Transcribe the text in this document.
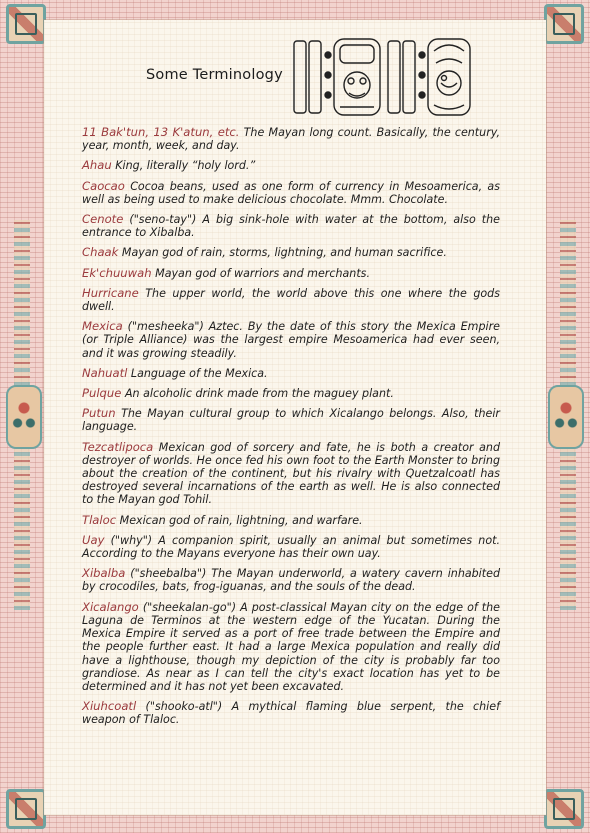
Some Terminology

11 Bak'tun, 13 K'atun, etc. The Mayan long count. Basically, the century, year, month, week, and day.

Ahau King, literally “holy lord.”

Caocao Cocoa beans, used as one form of currency in Mesoamerica, as well as being used to make delicious chocolate. Mmm. Chocolate.

Cenote ("seno-tay") A big sink-hole with water at the bottom, also the entrance to Xibalba.

Chaak Mayan god of rain, storms, lightning, and human sacrifice.

Ek'chuuwah Mayan god of warriors and merchants.

Hurricane The upper world, the world above this one where the gods dwell.

Mexica ("mesheeka") Aztec. By the date of this story the Mexica Empire (or Triple Alliance) was the largest empire Mesoamerica had ever seen, and it was growing steadily.

Nahuatl Language of the Mexica.

Pulque An alcoholic drink made from the maguey plant.

Putun The Mayan cultural group to which Xicalango belongs. Also, their language.

Tezcatlipoca Mexican god of sorcery and fate, he is both a creator and destroyer of worlds. He once fed his own foot to the Earth Monster to bring about the creation of the continent, but his rivalry with Quetzalcoatl has destroyed several incarnations of the earth as well. He is also connected to the Mayan god Tohil.

Tlaloc Mexican god of rain, lightning, and warfare.

Uay ("why") A companion spirit, usually an animal but sometimes not. According to the Mayans everyone has their own uay.

Xibalba ("sheebalba") The Mayan underworld, a watery cavern inhabited by crocodiles, bats, frog-iguanas, and the souls of the dead.

Xicalango ("sheekalan-go") A post-classical Mayan city on the edge of the Laguna de Terminos at the western edge of the Yucatan. During the Mexica Empire it served as a port of free trade between the Empire and the people further east. It had a large Mexica population and really did have a lighthouse, though my depiction of the city is probably far too grandiose. As near as I can tell the city's exact location has yet to be determined and it has not yet been excavated.

Xiuhcoatl ("shooko-atl") A mythical flaming blue serpent, the chief weapon of Tlaloc.
